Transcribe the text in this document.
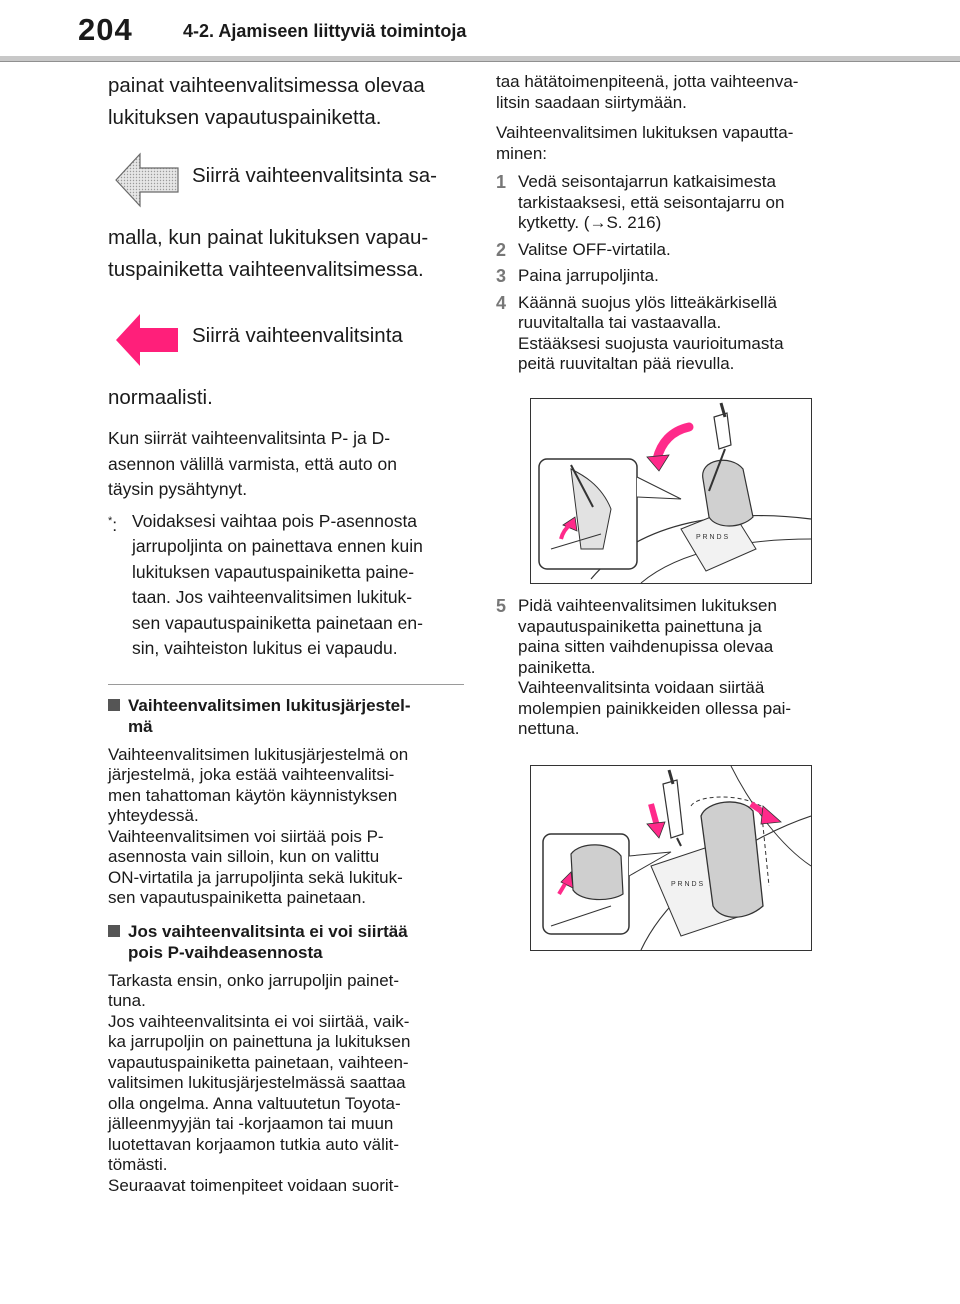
204	4-2. Ajamiseen liittyviä toimintoja

painat vaihteenvalitsimessa olevaa

lukituksen vapautuspainiketta.

Siirrä vaihteenvalitsinta sa-

malla, kun painat lukituksen vapau-

tuspainiketta vaihteenvalitsimessa.

Siirrä vaihteenvalitsinta

normaalisti.

Kun siirrät vaihteenvalitsinta P- ja D-

asennon välillä varmista, että auto on

täysin pysähtynyt.

*: Voidaksesi vaihtaa pois P-asennosta
jarrupoljinta on painettava ennen kuin
lukituksen vapautuspainiketta paine-
taan. Jos vaihteenvalitsimen lukituk-
sen vapautuspainiketta painetaan en-
sin, vaihteiston lukitus ei vapaudu.
Vaihteenvalitsimen lukitusjärjestel-
mä

Vaihteenvalitsimen lukitusjärjestelmä on

järjestelmä, joka estää vaihteenvalitsi-

men tahattoman käytön käynnistyksen

yhteydessä.

Vaihteenvalitsimen voi siirtää pois P-

asennosta vain silloin, kun on valittu

ON-virtatila ja jarrupoljinta sekä lukituk-

sen vapautuspainiketta painetaan.

Jos vaihteenvalitsinta ei voi siirtää
pois P-vaihdeasennosta

Tarkasta ensin, onko jarrupoljin painet-

tuna.

Jos vaihteenvalitsinta ei voi siirtää, vaik-

ka jarrupoljin on painettuna ja lukituksen

vapautuspainiketta painetaan, vaihteen-

valitsimen lukitusjärjestelmässä saattaa

olla ongelma. Anna valtuutetun Toyota-

jälleenmyyjän tai -korjaamon tai muun

luotettavan korjaamon tutkia auto välit-

tömästi.

Seuraavat toimenpiteet voidaan suorit-

taa hätätoimenpiteenä, jotta vaihteenva-

litsin saadaan siirtymään.

Vaihteenvalitsimen lukituksen vapautta-

minen:

1 Vedä seisontajarrun katkaisimesta
tarkistaaksesi, että seisontajarru on
kytketty. (→S. 216)
2 Valitse OFF-virtatila.
3 Paina jarrupoljinta.
4 Käännä suojus ylös litteäkärkisellä
ruuvitaltalla tai vastaavalla.
Estääksesi suojusta vaurioitumasta
peitä ruuvitaltan pää rievulla.
P R N D S
5 Pidä vaihteenvalitsimen lukituksen
vapautuspainiketta painettuna ja
paina sitten vaihdenupissa olevaa
painiketta.
Vaihteenvalitsinta voidaan siirtää
molempien painikkeiden ollessa pai-
nettuna.
P R N D S
